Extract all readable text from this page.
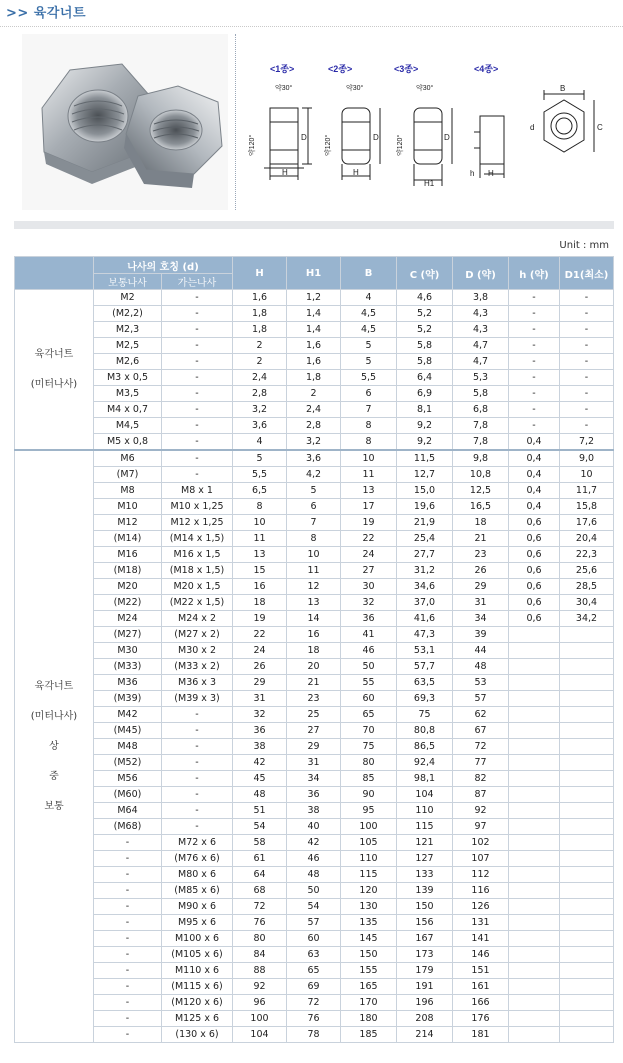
>> 육각너트
<1종>	<2종>	<3종>	<4종>
약30°
약120°
H
D
약30°
약120°
H
D
약30°
약120°
H1
D
h H
B
C
d
Unit : mm
	나사의 호칭 (d)		H	H1	B	C (약)	D (약)	h (약)	D1(최소)
	보통나사	가는나사							

육각너트
(미터나사)	M2	-	1,6	1,2	4	4,6	3,8	-	-
	(M2,2)	-	1,8	1,4	4,5	5,2	4,3	-	-
	M2,3	-	1,8	1,4	4,5	5,2	4,3	-	-
	M2,5	-	2	1,6	5	5,8	4,7	-	-
	M2,6	-	2	1,6	5	5,8	4,7	-	-
	M3 x 0,5	-	2,4	1,8	5,5	6,4	5,3	-	-
	M3,5	-	2,8	2	6	6,9	5,8	-	-
	M4 x 0,7	-	3,2	2,4	7	8,1	6,8	-	-
	M4,5	-	3,6	2,8	8	9,2	7,8	-	-
	M5 x 0,8	-	4	3,2	8	9,2	7,8	0,4	7,2

육각너트
(미터나사)
상
중
보통	M6	-	5	3,6	10	11,5	9,8	0,4	9,0
	(M7)	-	5,5	4,2	11	12,7	10,8	0,4	10
	M8	M8 x 1	6,5	5	13	15,0	12,5	0,4	11,7
	M10	M10 x 1,25	8	6	17	19,6	16,5	0,4	15,8
	M12	M12 x 1,25	10	7	19	21,9	18	0,6	17,6
	(M14)	(M14 x 1,5)	11	8	22	25,4	21	0,6	20,4
	M16	M16 x 1,5	13	10	24	27,7	23	0,6	22,3
	(M18)	(M18 x 1,5)	15	11	27	31,2	26	0,6	25,6
	M20	M20 x 1,5	16	12	30	34,6	29	0,6	28,5
	(M22)	(M22 x 1,5)	18	13	32	37,0	31	0,6	30,4
	M24	M24 x 2	19	14	36	41,6	34	0,6	34,2
	(M27)	(M27 x 2)	22	16	41	47,3	39		
	M30	M30 x 2	24	18	46	53,1	44		
	(M33)	(M33 x 2)	26	20	50	57,7	48		
	M36	M36 x 3	29	21	55	63,5	53		
	(M39)	(M39 x 3)	31	23	60	69,3	57		
	M42	-	32	25	65	75	62		
	(M45)	-	36	27	70	80,8	67		
	M48	-	38	29	75	86,5	72		
	(M52)	-	42	31	80	92,4	77		
	M56	-	45	34	85	98,1	82		
	(M60)	-	48	36	90	104	87		
	M64	-	51	38	95	110	92		
	(M68)	-	54	40	100	115	97		
	-	M72 x 6	58	42	105	121	102		
	-	(M76 x 6)	61	46	110	127	107		
	-	M80 x 6	64	48	115	133	112		
	-	(M85 x 6)	68	50	120	139	116		
	-	M90 x 6	72	54	130	150	126		
	-	M95 x 6	76	57	135	156	131		
	-	M100 x 6	80	60	145	167	141		
	-	(M105 x 6)	84	63	150	173	146		
	-	M110 x 6	88	65	155	179	151		
	-	(M115 x 6)	92	69	165	191	161		
	-	(M120 x 6)	96	72	170	196	166		
	-	M125 x 6	100	76	180	208	176		
	-	(130 x 6)	104	78	185	214	181		
